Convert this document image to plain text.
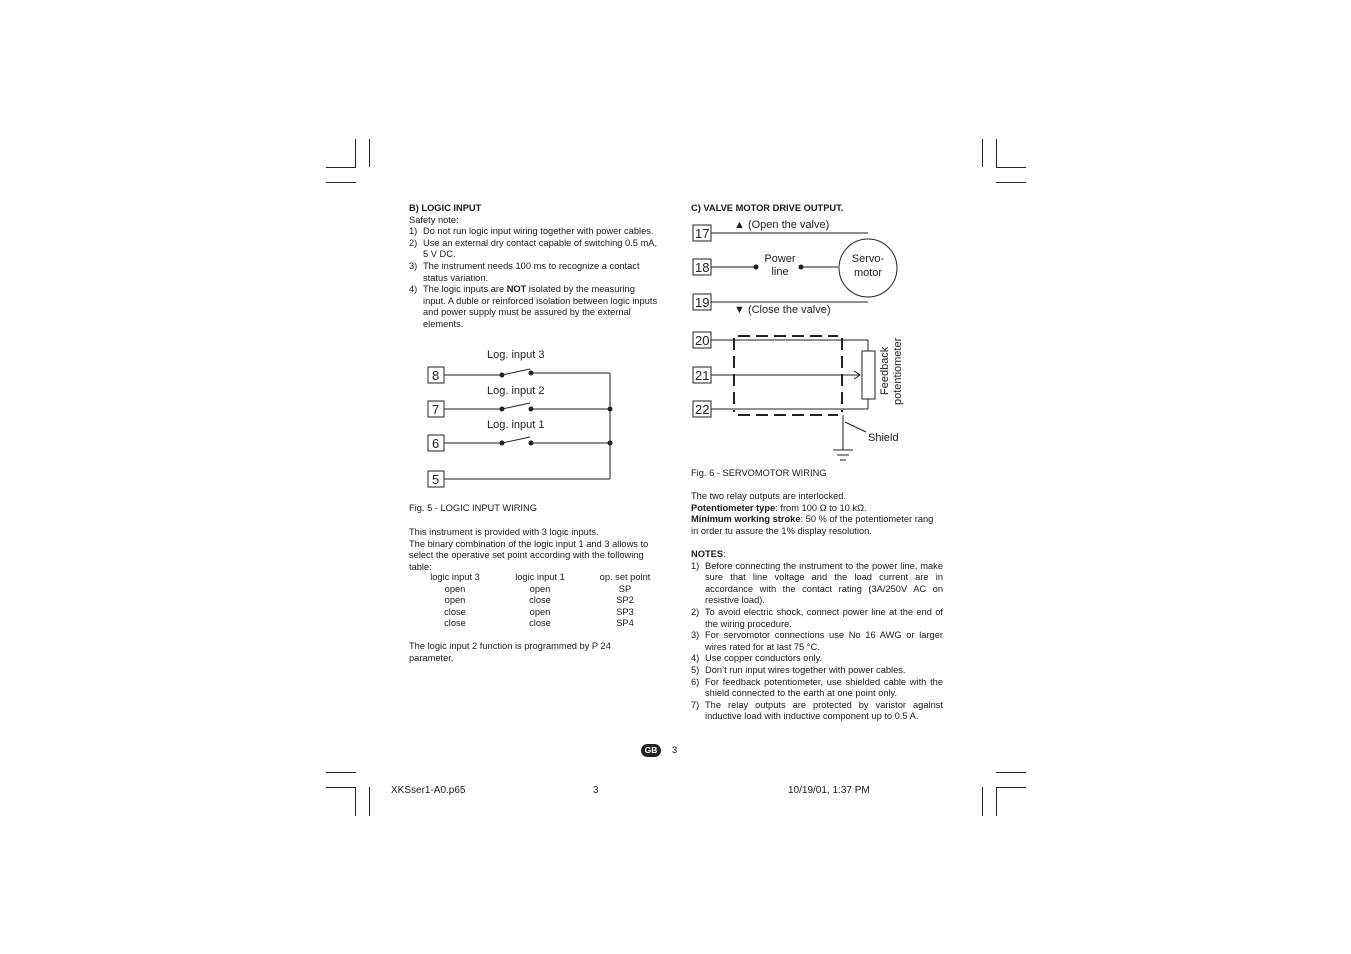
B) LOGIC INPUT
Safety note:
1) Do not run logic input wiring together with power cables.
2) Use an external dry contact capable of switching 0.5 mA, 5 V DC.
3) The instrument needs 100 ms to recognize a contact status variation.
4) The logic inputs are NOT isolated by the measuring input. A duble or reinforced isolation between logic inputs and power supply must be assured by the external elements.
8
7
6
5
Log. input 3
Log. input 2
Log. input 1
Fig. 5 - LOGIC INPUT WIRING
This instrument is provided with 3 logic inputs.
The binary combination of the logic input 1 and 3 allows to select the operative set point according with the following table:
logic input 3	logic input 1	op. set point
open	open	SP
open	close	SP2
close	open	SP3
close	close	SP4
The logic input 2 function is programmed by P 24 parameter.
C) VALVE MOTOR DRIVE OUTPUT.
17
18
19
20
21
22
▲ (Open the valve)
▼ (Close the valve)
Power
line
Servo-
motor
Shield
Feedback potentiometer
Fig. 6 - SERVOMOTOR WIRING
The two relay outputs are interlocked.
Potentiometer type: from 100 Ω to 10 kΩ.
Minimum working stroke: 50 % of the potentiometer rang in order tu assure the 1% display resolution.
NOTES:
1) Before connecting the instrument to the power line, make sure that line voltage and the load current are in accordance with the contact rating (3A/250V AC on resistive load).
2) To avoid electric shock, connect power line at the end of the wiring procedure.
3) For servomotor connections use No 16 AWG or larger wires rated for at last 75 °C.
4) Use copper conductors only.
5) Don’t run input wires together with power cables.
6) For feedback potentiometer, use shielded cable with the shield connected to the earth at one point only.
7) The relay outputs are protected by varistor against inductive load with inductive component up to 0.5 A.
GB	3
XKSser1-A0.p65	3	10/19/01, 1:37 PM
